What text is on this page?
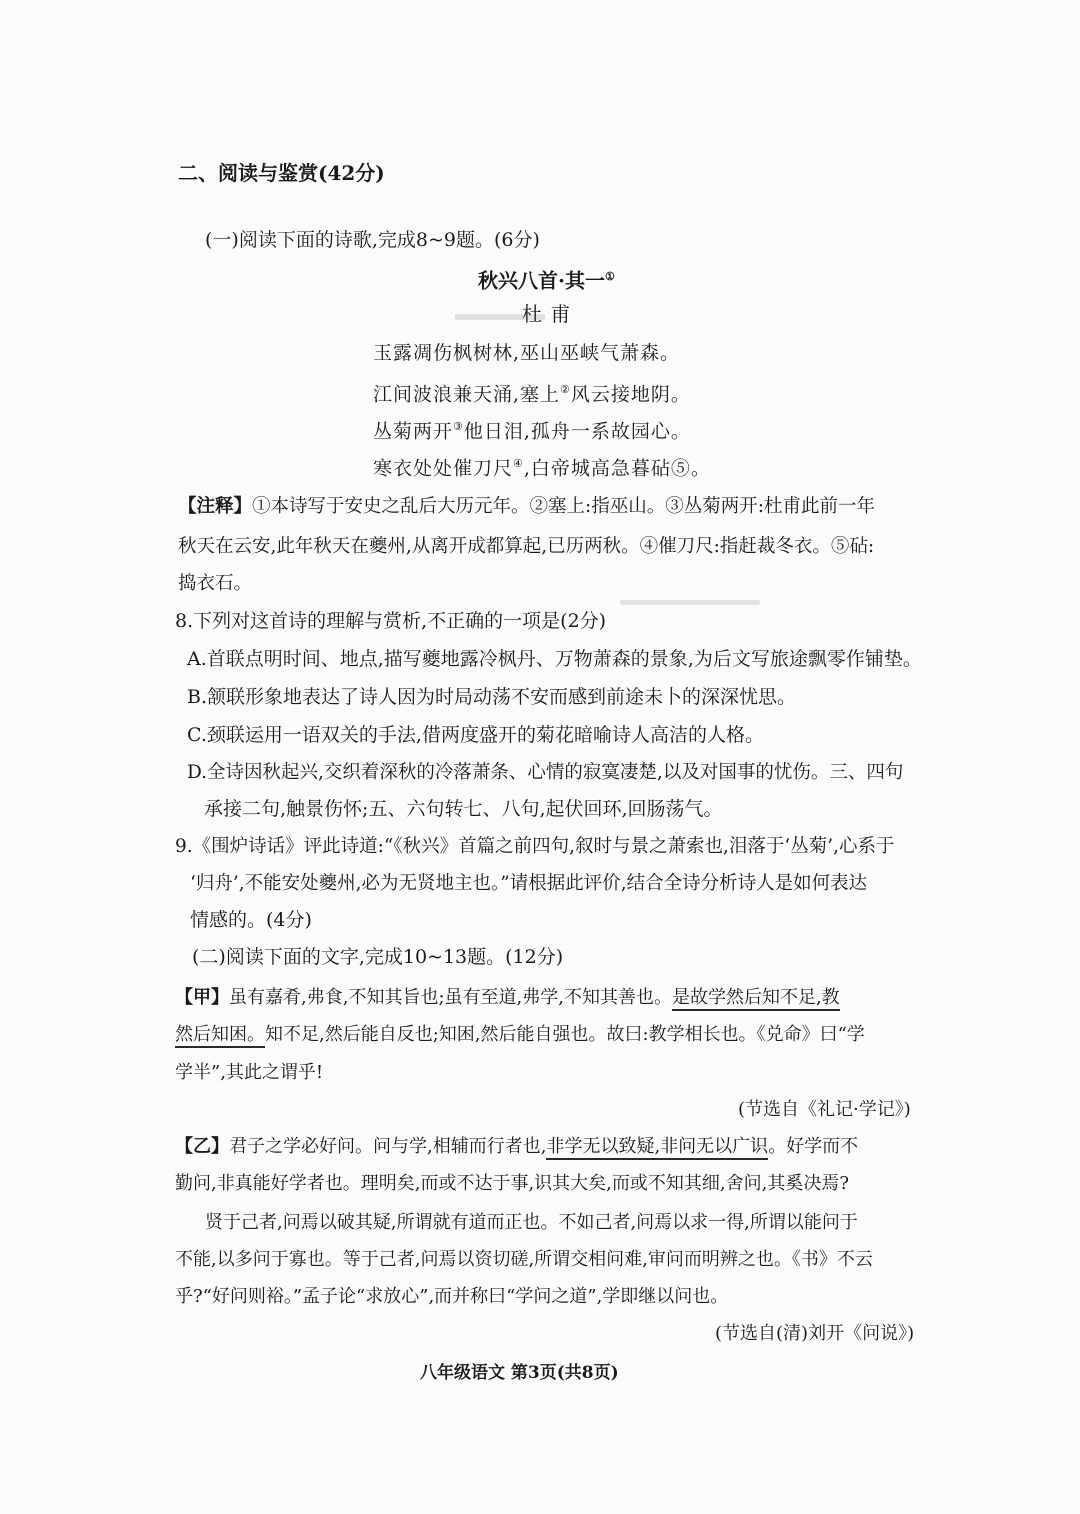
二、阅读与鉴赏(42分)
(一)阅读下面的诗歌,完成8~9题。(6分)
秋兴八首·其一①
杜 甫
玉露凋伤枫树林,巫山巫峡气萧森。
江间波浪兼天涌,塞上②风云接地阴。
丛菊两开③他日泪,孤舟一系故园心。
寒衣处处催刀尺④,白帝城高急暮砧⑤。
【注释】①本诗写于安史之乱后大历元年。②塞上:指巫山。③丛菊两开:杜甫此前一年
秋天在云安,此年秋天在夔州,从离开成都算起,已历两秋。④催刀尺:指赶裁冬衣。⑤砧:
捣衣石。
8.下列对这首诗的理解与赏析,不正确的一项是(2分)
A.首联点明时间、地点,描写夔地露冷枫丹、万物萧森的景象,为后文写旅途飘零作铺垫。
B.颔联形象地表达了诗人因为时局动荡不安而感到前途未卜的深深忧思。
C.颈联运用一语双关的手法,借两度盛开的菊花暗喻诗人高洁的人格。
D.全诗因秋起兴,交织着深秋的冷落萧条、心情的寂寞凄楚,以及对国事的忧伤。三、四句
承接二句,触景伤怀;五、六句转七、八句,起伏回环,回肠荡气。
9.《围炉诗话》评此诗道:“《秋兴》首篇之前四句,叙时与景之萧索也,泪落于‘丛菊’,心系于
‘归舟’,不能安处夔州,必为无贤地主也。”请根据此评价,结合全诗分析诗人是如何表达
情感的。(4分)
(二)阅读下面的文字,完成10~13题。(12分)
【甲】虽有嘉肴,弗食,不知其旨也;虽有至道,弗学,不知其善也。是故学然后知不足,教
然后知困。知不足,然后能自反也;知困,然后能自强也。故曰:教学相长也。《兑命》曰“学
学半”,其此之谓乎!
(节选自《礼记·学记》)
【乙】君子之学必好问。问与学,相辅而行者也,非学无以致疑,非问无以广识。好学而不
勤问,非真能好学者也。理明矣,而或不达于事,识其大矣,而或不知其细,舍问,其奚决焉?
贤于己者,问焉以破其疑,所谓就有道而正也。不如己者,问焉以求一得,所谓以能问于
不能,以多问于寡也。等于己者,问焉以资切磋,所谓交相问难,审问而明辨之也。《书》不云
乎?“好问则裕。”孟子论“求放心”,而并称曰“学问之道”,学即继以问也。
(节选自(清)刘开《问说》)
八年级语文 第3页(共8页)
